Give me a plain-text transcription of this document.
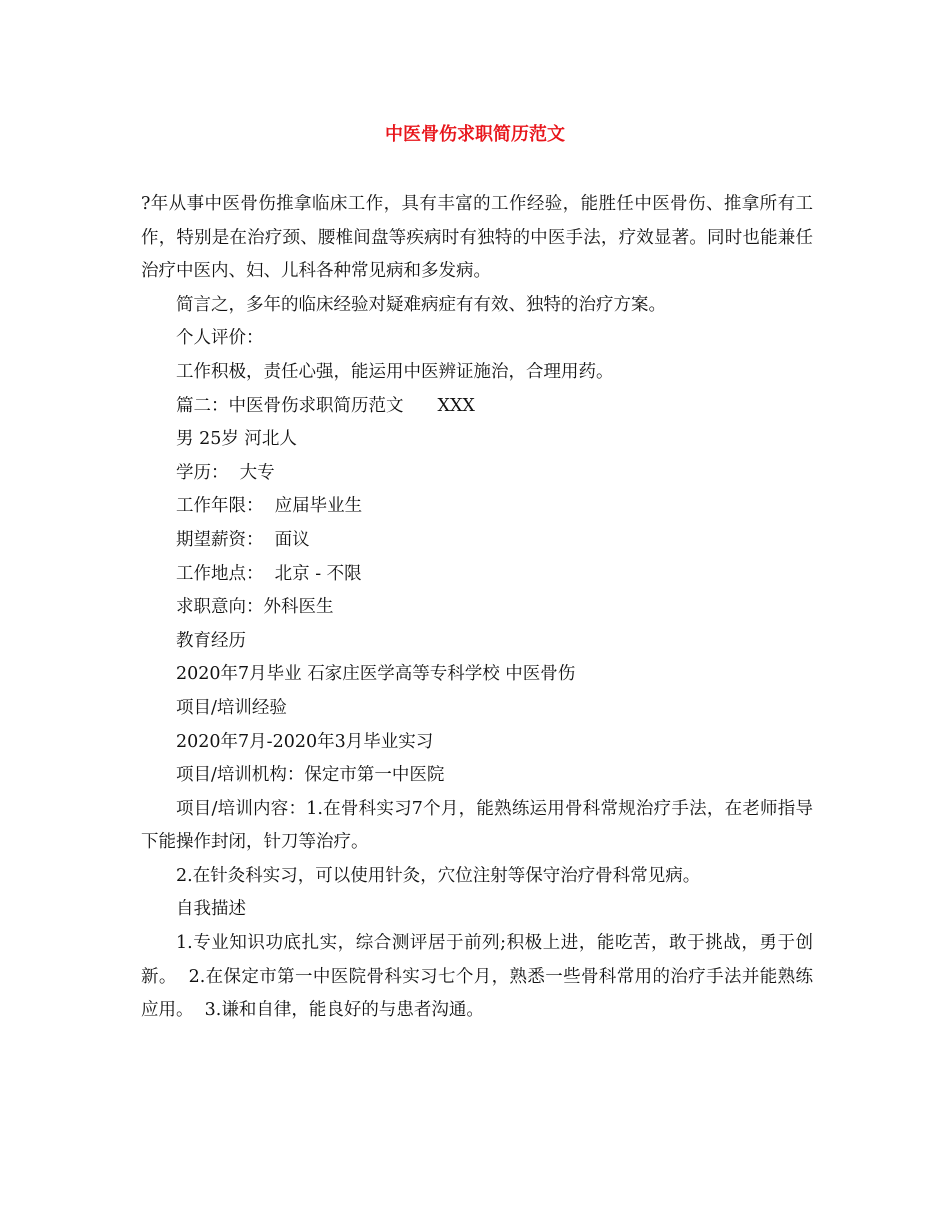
中医骨伤求职简历范文

?年从事中医骨伤推拿临床工作，具有丰富的工作经验，能胜任中医骨伤、推拿所有工作，特别是在治疗颈、腰椎间盘等疾病时有独特的中医手法，疗效显著。同时也能兼任治疗中医内、妇、儿科各种常见病和多发病。

简言之，多年的临床经验对疑难病症有有效、独特的治疗方案。

个人评价：

工作积极，责任心强，能运用中医辨证施治，合理用药。

篇二：中医骨伤求职简历范文 XXX

男 25岁 河北人

学历：  大专

工作年限：  应届毕业生

期望薪资：  面议

工作地点：  北京 - 不限

求职意向：外科医生

教育经历

2020年7月毕业 石家庄医学高等专科学校 中医骨伤

项目/培训经验

2020年7月-2020年3月毕业实习

项目/培训机构：保定市第一中医院

项目/培训内容：1.在骨科实习7个月，能熟练运用骨科常规治疗手法，在老师指导下能操作封闭，针刀等治疗。

2.在针灸科实习，可以使用针灸，穴位注射等保守治疗骨科常见病。

自我描述

1.专业知识功底扎实，综合测评居于前列;积极上进，能吃苦，敢于挑战，勇于创新。  2.在保定市第一中医院骨科实习七个月，熟悉一些骨科常用的治疗手法并能熟练应用。  3.谦和自律，能良好的与患者沟通。
